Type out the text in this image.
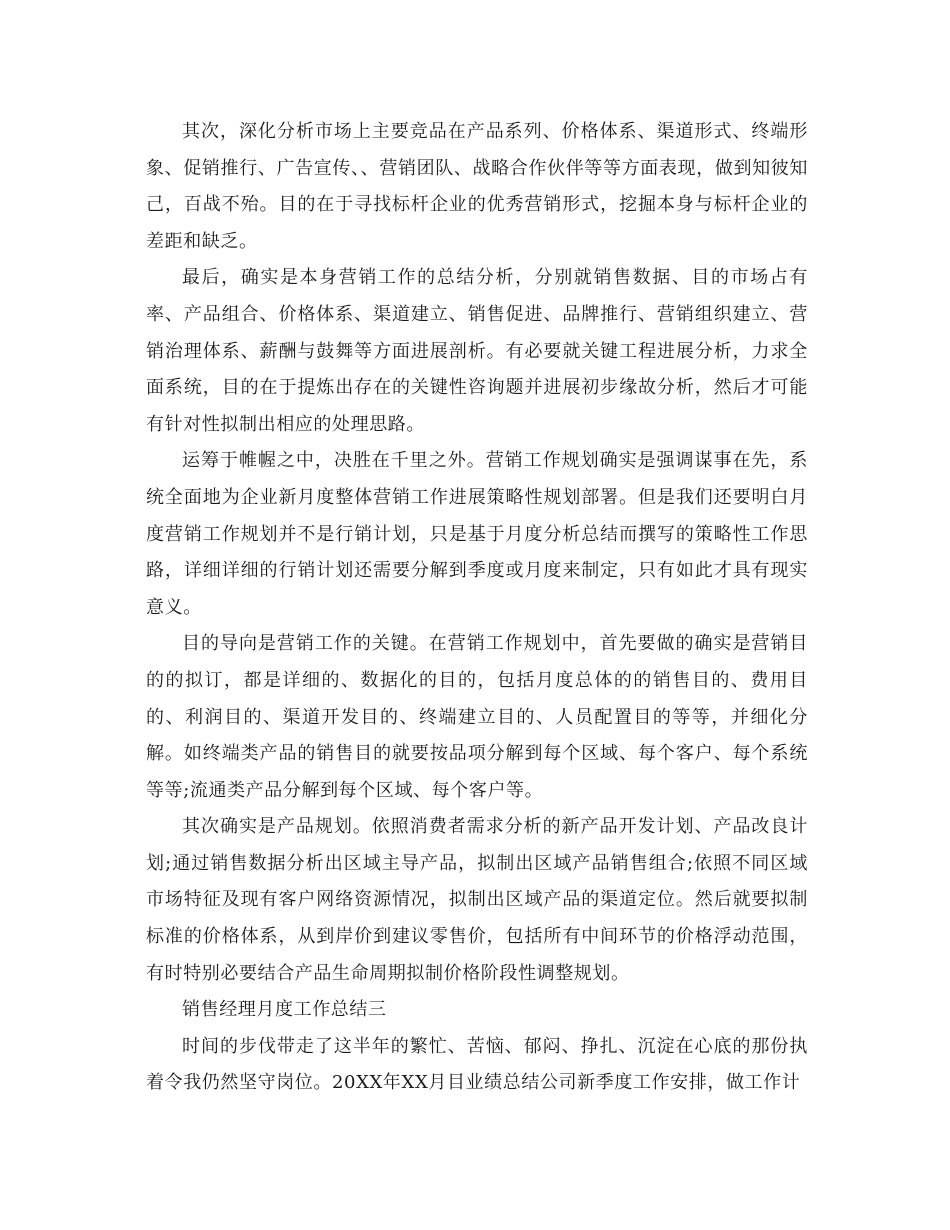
其次，深化分析市场上主要竞品在产品系列、价格体系、渠道形式、终端形象、促销推行、广告宣传、、营销团队、战略合作伙伴等等方面表现，做到知彼知己，百战不殆。目的在于寻找标杆企业的优秀营销形式，挖掘本身与标杆企业的差距和缺乏。

最后，确实是本身营销工作的总结分析，分别就销售数据、目的市场占有率、产品组合、价格体系、渠道建立、销售促进、品牌推行、营销组织建立、营销治理体系、薪酬与鼓舞等方面进展剖析。有必要就关键工程进展分析，力求全面系统，目的在于提炼出存在的关键性咨询题并进展初步缘故分析，然后才可能有针对性拟制出相应的处理思路。

运筹于帷幄之中，决胜在千里之外。营销工作规划确实是强调谋事在先，系统全面地为企业新月度整体营销工作进展策略性规划部署。但是我们还要明白月度营销工作规划并不是行销计划，只是基于月度分析总结而撰写的策略性工作思路，详细详细的行销计划还需要分解到季度或月度来制定，只有如此才具有现实意义。

目的导向是营销工作的关键。在营销工作规划中，首先要做的确实是营销目的的拟订，都是详细的、数据化的目的，包括月度总体的的销售目的、费用目的、利润目的、渠道开发目的、终端建立目的、人员配置目的等等，并细化分解。如终端类产品的销售目的就要按品项分解到每个区域、每个客户、每个系统等等;流通类产品分解到每个区域、每个客户等。

其次确实是产品规划。依照消费者需求分析的新产品开发计划、产品改良计划;通过销售数据分析出区域主导产品，拟制出区域产品销售组合;依照不同区域市场特征及现有客户网络资源情况，拟制出区域产品的渠道定位。然后就要拟制标准的价格体系，从到岸价到建议零售价，包括所有中间环节的价格浮动范围，有时特别必要结合产品生命周期拟制价格阶段性调整规划。

销售经理月度工作总结三

时间的步伐带走了这半年的繁忙、苦恼、郁闷、挣扎、沉淀在心底的那份执着令我仍然坚守岗位。20XX年XX月目业绩总结公司新季度工作安排，做工作计
